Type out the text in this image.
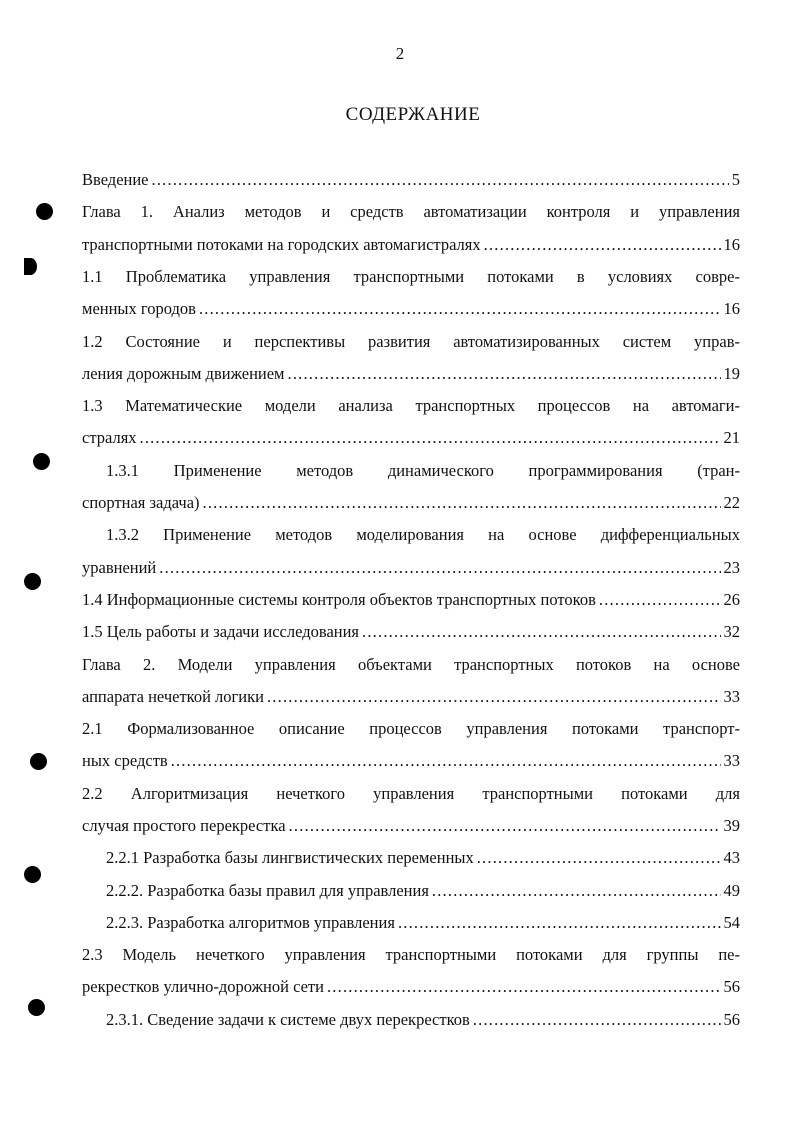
2
СОДЕРЖАНИЕ
Введение .....	5
Глава 1. Анализ методов и средств автоматизации контроля и управления
транспортными потоками на городских автомагистралях .....	16
1.1 Проблематика управления транспортными потоками в условиях совре-
менных городов .....	16
1.2 Состояние и перспективы развития автоматизированных систем управ-
ления дорожным движением .....	19
1.3 Математические модели анализа транспортных процессов на автомаги-
стралях .....	21
1.3.1 Применение методов динамического программирования (тран-
спортная задача) .....	22
1.3.2 Применение методов моделирования на основе дифференциальных
уравнений .....	23
1.4 Информационные системы контроля объектов транспортных потоков .....	26
1.5 Цель работы и задачи исследования .....	32
Глава 2. Модели управления объектами транспортных потоков на основе
аппарата нечеткой логики .....	33
2.1 Формализованное описание процессов управления потоками транспорт-
ных средств .....	33
2.2 Алгоритмизация нечеткого управления транспортными потоками для
случая простого перекрестка .....	39
2.2.1 Разработка базы лингвистических переменных .....	43
2.2.2. Разработка базы правил для управления .....	49
2.2.3. Разработка алгоритмов управления .....	54
2.3 Модель нечеткого управления транспортными потоками для группы пе-
рекрестков улично-дорожной сети .....	56
2.3.1. Сведение задачи к системе двух перекрестков .....	56
